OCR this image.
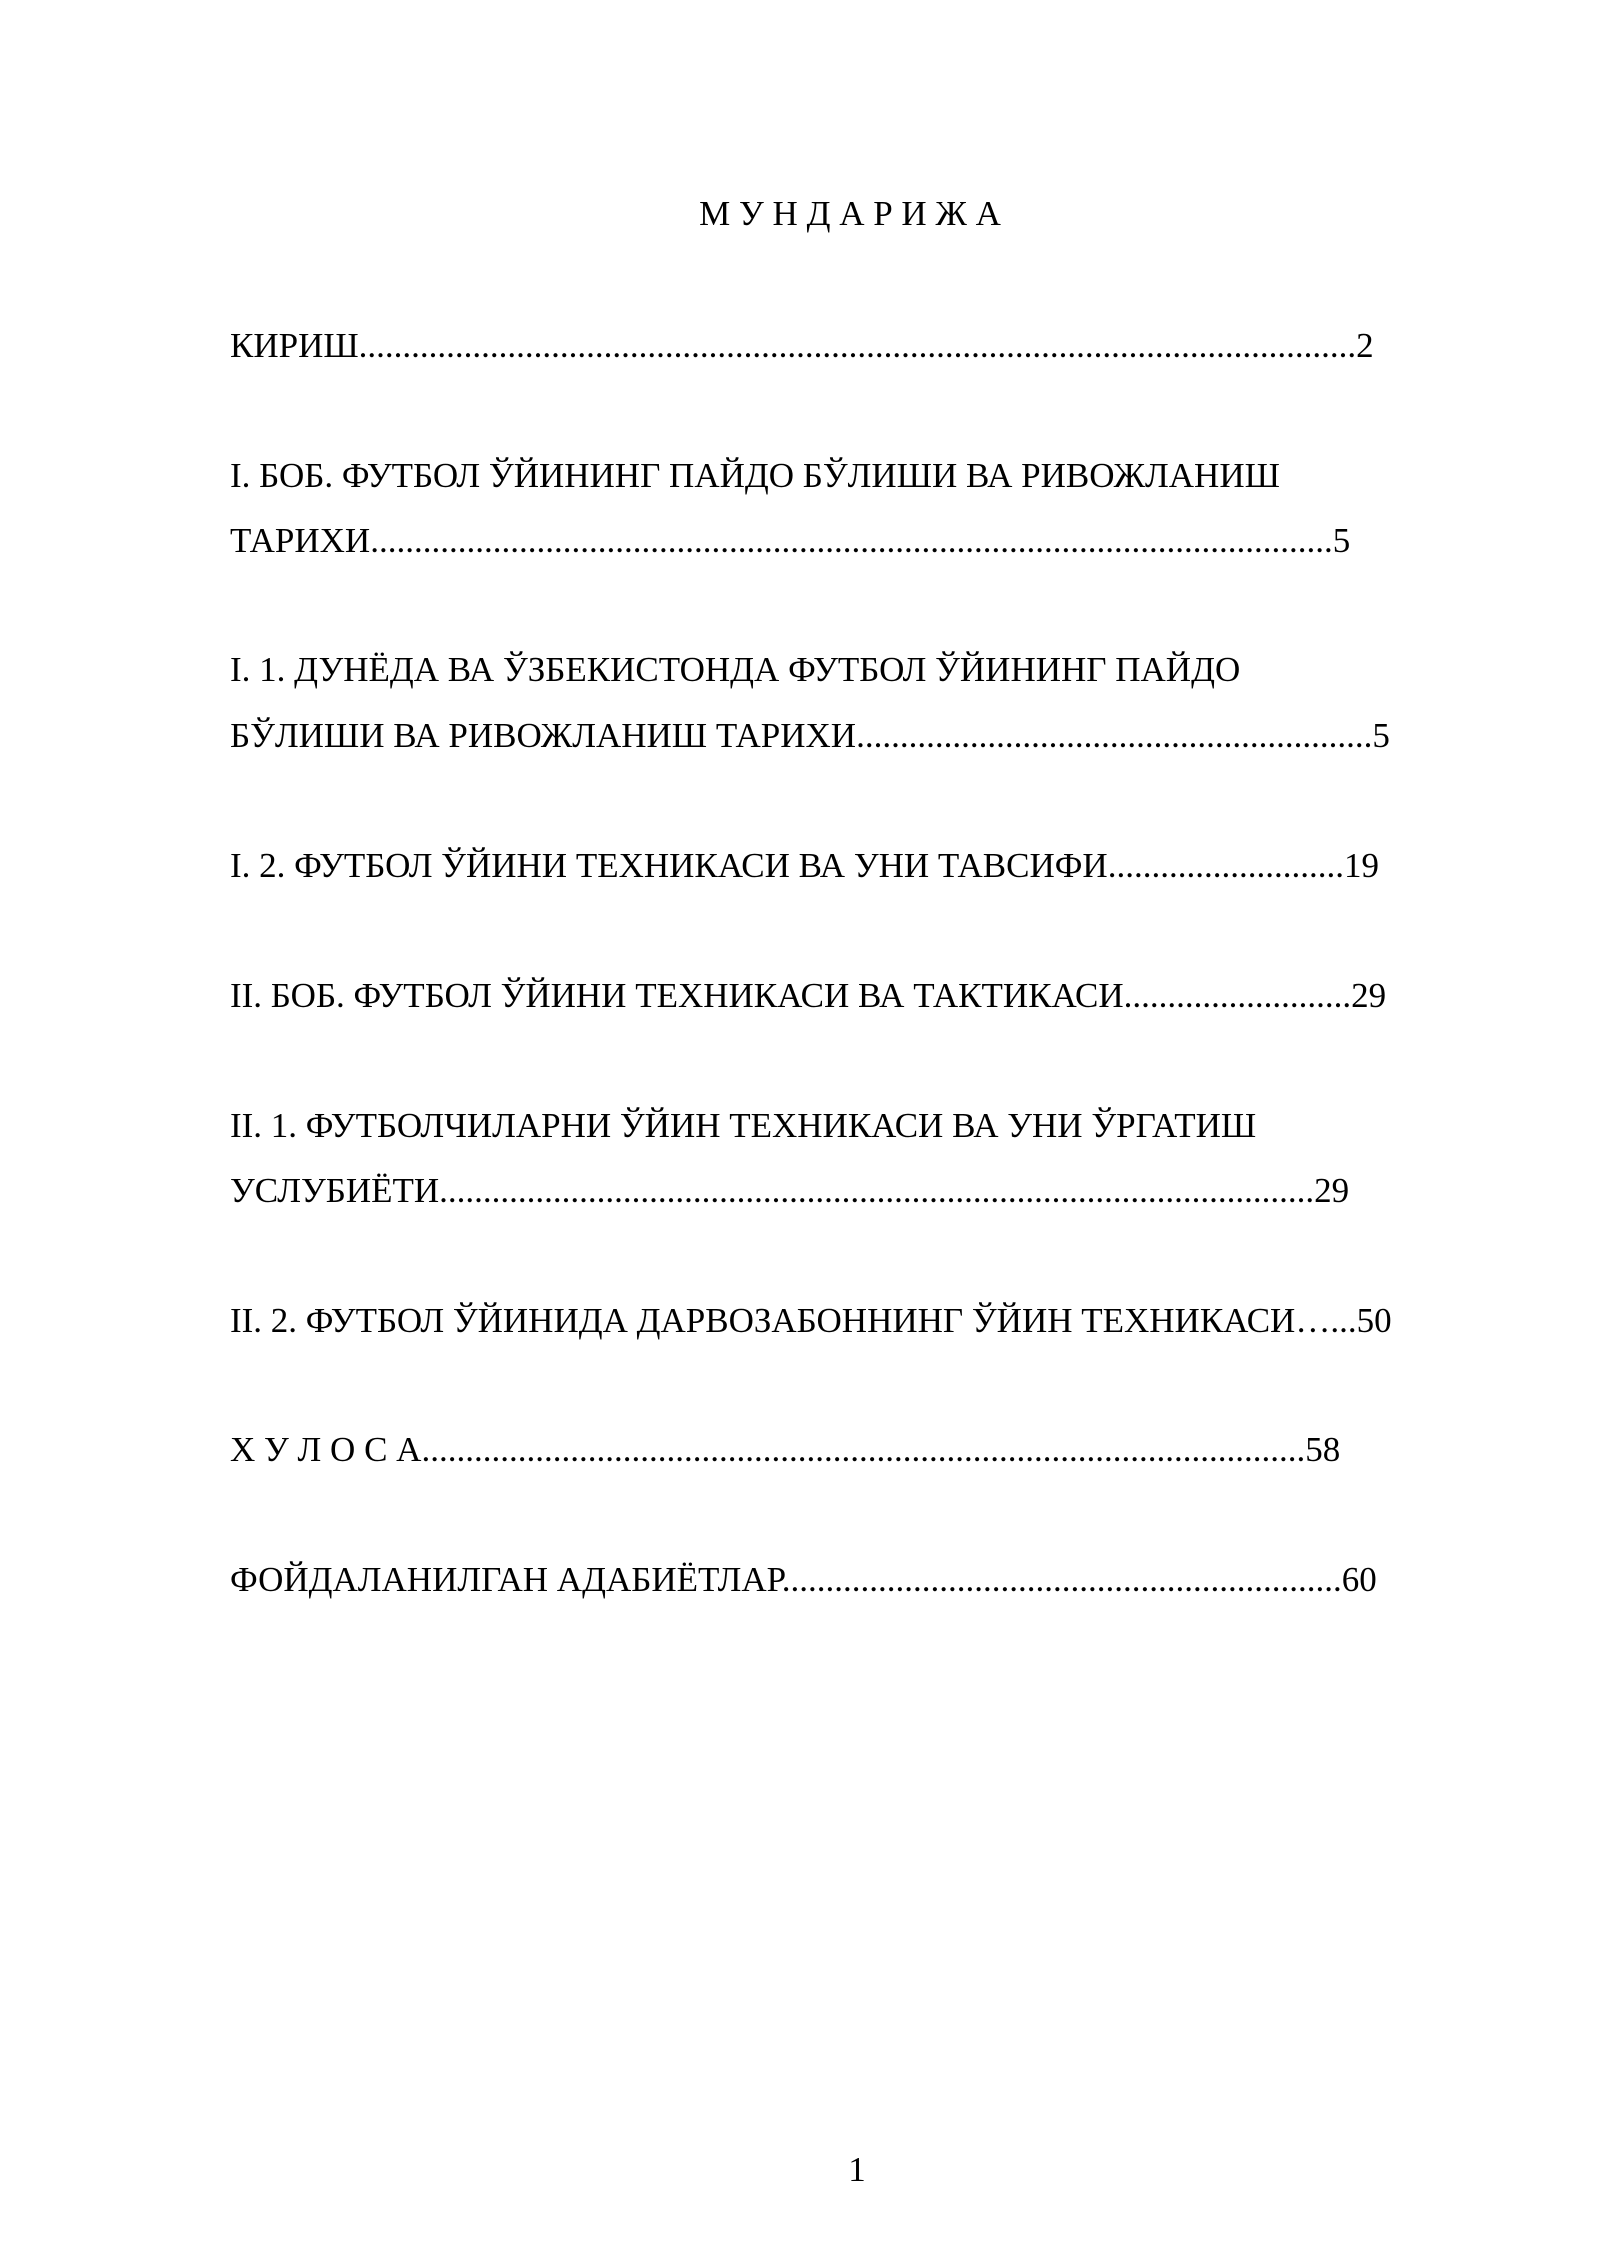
М У Н Д А Р И Ж А
КИРИШ..................................................................................................................2
I. БОБ. ФУТБОЛ ЎЙИНИНГ ПАЙДО БЎЛИШИ ВА РИВОЖЛАНИШ
ТАРИХИ..............................................................................................................5
I. 1. ДУНЁДА ВА ЎЗБЕКИСТОНДА ФУТБОЛ ЎЙИНИНГ ПАЙДО
БЎЛИШИ ВА РИВОЖЛАНИШ ТАРИХИ...........................................................5
I. 2. ФУТБОЛ ЎЙИНИ ТЕХНИКАСИ ВА УНИ ТАВСИФИ...........................19
II. БОБ. ФУТБОЛ ЎЙИНИ ТЕХНИКАСИ ВА ТАКТИКАСИ..........................29
II. 1. ФУТБОЛЧИЛАРНИ ЎЙИН ТЕХНИКАСИ ВА УНИ ЎРГАТИШ
УСЛУБИЁТИ....................................................................................................29
II. 2. ФУТБОЛ ЎЙИНИДА ДАРВОЗАБОННИНГ ЎЙИН ТЕХНИКАСИ…...50
Х У Л О С А.....................................................................................................58
ФОЙДАЛАНИЛГАН АДАБИЁТЛАР................................................................60
1
